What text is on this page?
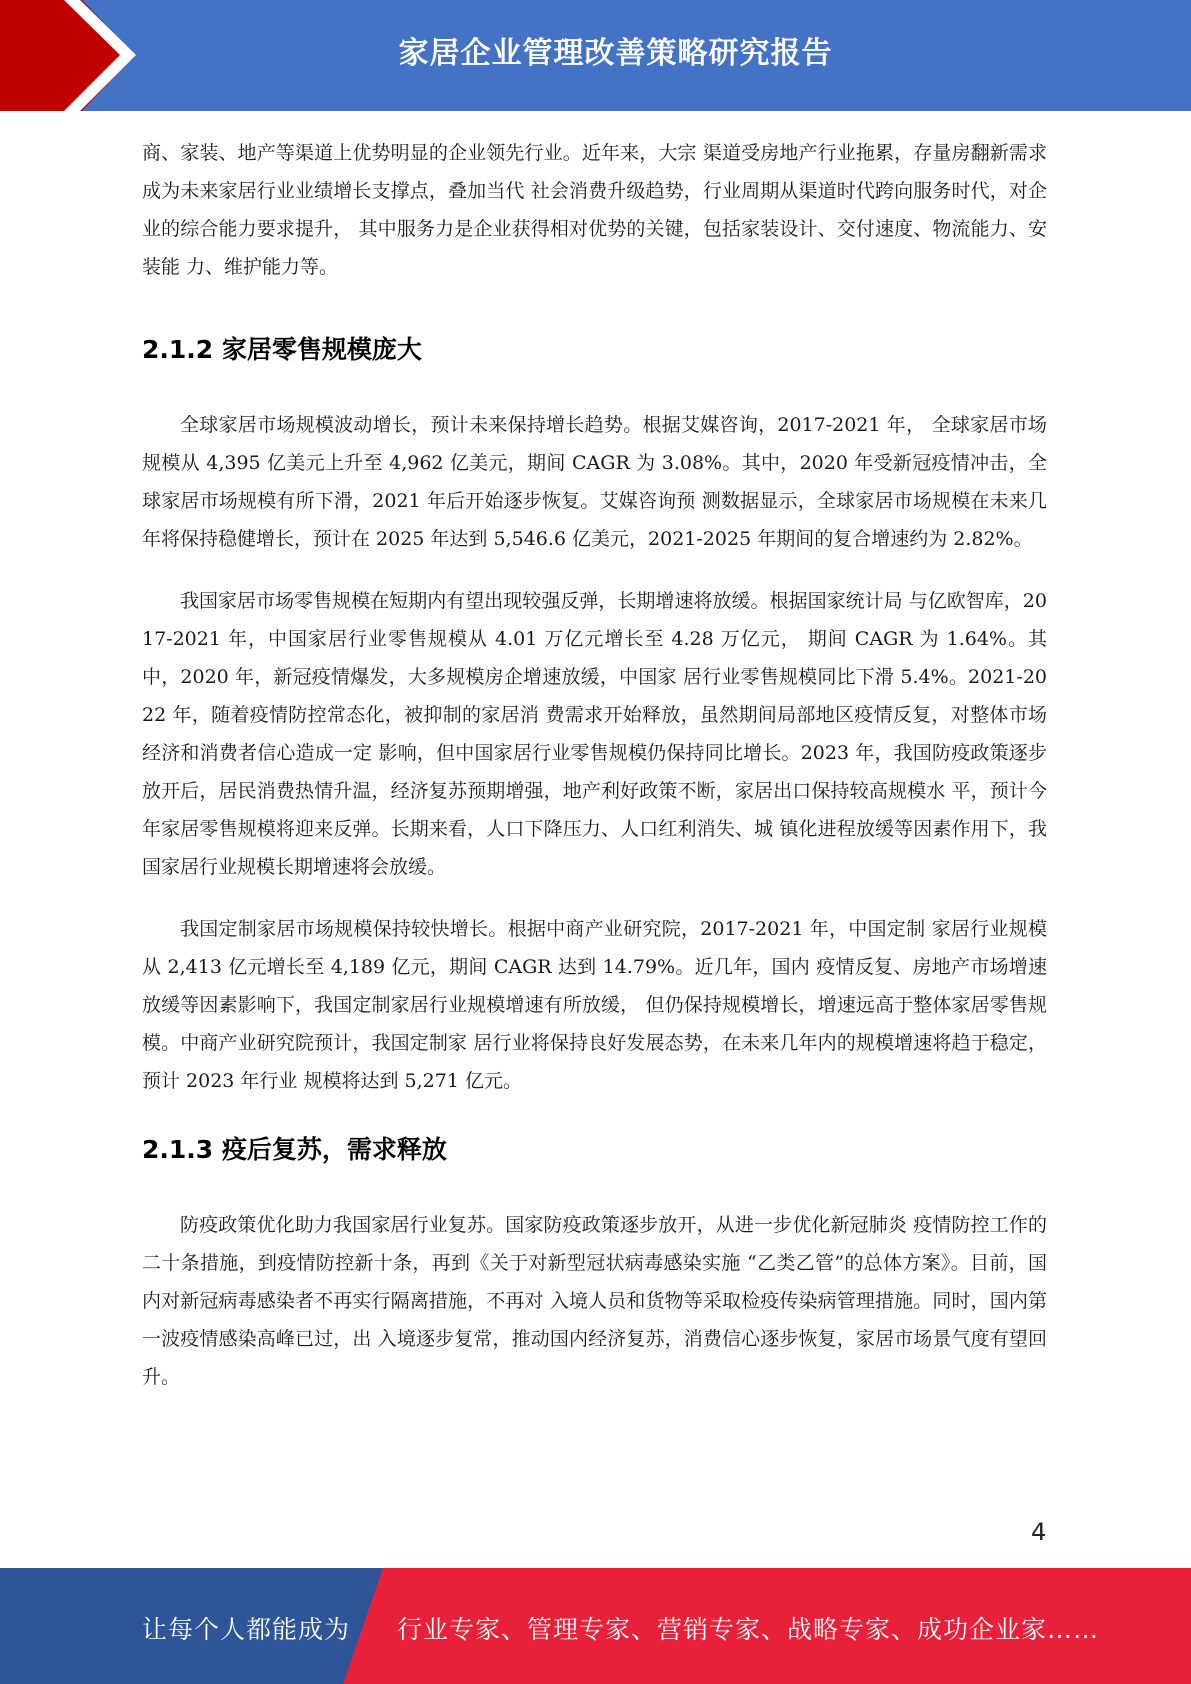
家居企业管理改善策略研究报告

商、家装、地产等渠道上优势明显的企业领先行业。近年来，大宗 渠道受房地产行业拖累，存量房翻新需求成为未来家居行业业绩增长支撑点，叠加当代 社会消费升级趋势，行业周期从渠道时代跨向服务时代，对企业的综合能力要求提升， 其中服务力是企业获得相对优势的关键，包括家装设计、交付速度、物流能力、安装能 力、维护能力等。

2.1.2 家居零售规模庞大

全球家居市场规模波动增长，预计未来保持增长趋势。根据艾媒咨询，2017-2021 年， 全球家居市场规模从 4,395 亿美元上升至 4,962 亿美元，期间 CAGR 为 3.08%。其中，2020 年受新冠疫情冲击，全球家居市场规模有所下滑，2021 年后开始逐步恢复。艾媒咨询预 测数据显示，全球家居市场规模在未来几年将保持稳健增长，预计在 2025 年达到 5,546.6 亿美元，2021-2025 年期间的复合增速约为 2.82%。

我国家居市场零售规模在短期内有望出现较强反弹，长期增速将放缓。根据国家统计局 与亿欧智库，2017-2021 年，中国家居行业零售规模从 4.01 万亿元增长至 4.28 万亿元， 期间 CAGR 为 1.64%。其中，2020 年，新冠疫情爆发，大多规模房企增速放缓，中国家 居行业零售规模同比下滑 5.4%。2021-2022 年，随着疫情防控常态化，被抑制的家居消 费需求开始释放，虽然期间局部地区疫情反复，对整体市场经济和消费者信心造成一定 影响，但中国家居行业零售规模仍保持同比增长。2023 年，我国防疫政策逐步放开后，居民消费热情升温，经济复苏预期增强，地产利好政策不断，家居出口保持较高规模水 平，预计今年家居零售规模将迎来反弹。长期来看，人口下降压力、人口红利消失、城 镇化进程放缓等因素作用下，我国家居行业规模长期增速将会放缓。

我国定制家居市场规模保持较快增长。根据中商产业研究院，2017-2021 年，中国定制 家居行业规模从 2,413 亿元增长至 4,189 亿元，期间 CAGR 达到 14.79%。近几年，国内 疫情反复、房地产市场增速放缓等因素影响下，我国定制家居行业规模增速有所放缓， 但仍保持规模增长，增速远高于整体家居零售规模。中商产业研究院预计，我国定制家 居行业将保持良好发展态势，在未来几年内的规模增速将趋于稳定，预计 2023 年行业 规模将达到 5,271 亿元。

2.1.3 疫后复苏，需求释放

防疫政策优化助力我国家居行业复苏。国家防疫政策逐步放开，从进一步优化新冠肺炎 疫情防控工作的二十条措施，到疫情防控新十条，再到《关于对新型冠状病毒感染实施 “乙类乙管”的总体方案》。目前，国内对新冠病毒感染者不再实行隔离措施，不再对 入境人员和货物等采取检疫传染病管理措施。同时，国内第一波疫情感染高峰已过，出 入境逐步复常，推动国内经济复苏，消费信心逐步恢复，家居市场景气度有望回升。

4
让每个人都能成为 行业专家、管理专家、营销专家、战略专家、成功企业家……
